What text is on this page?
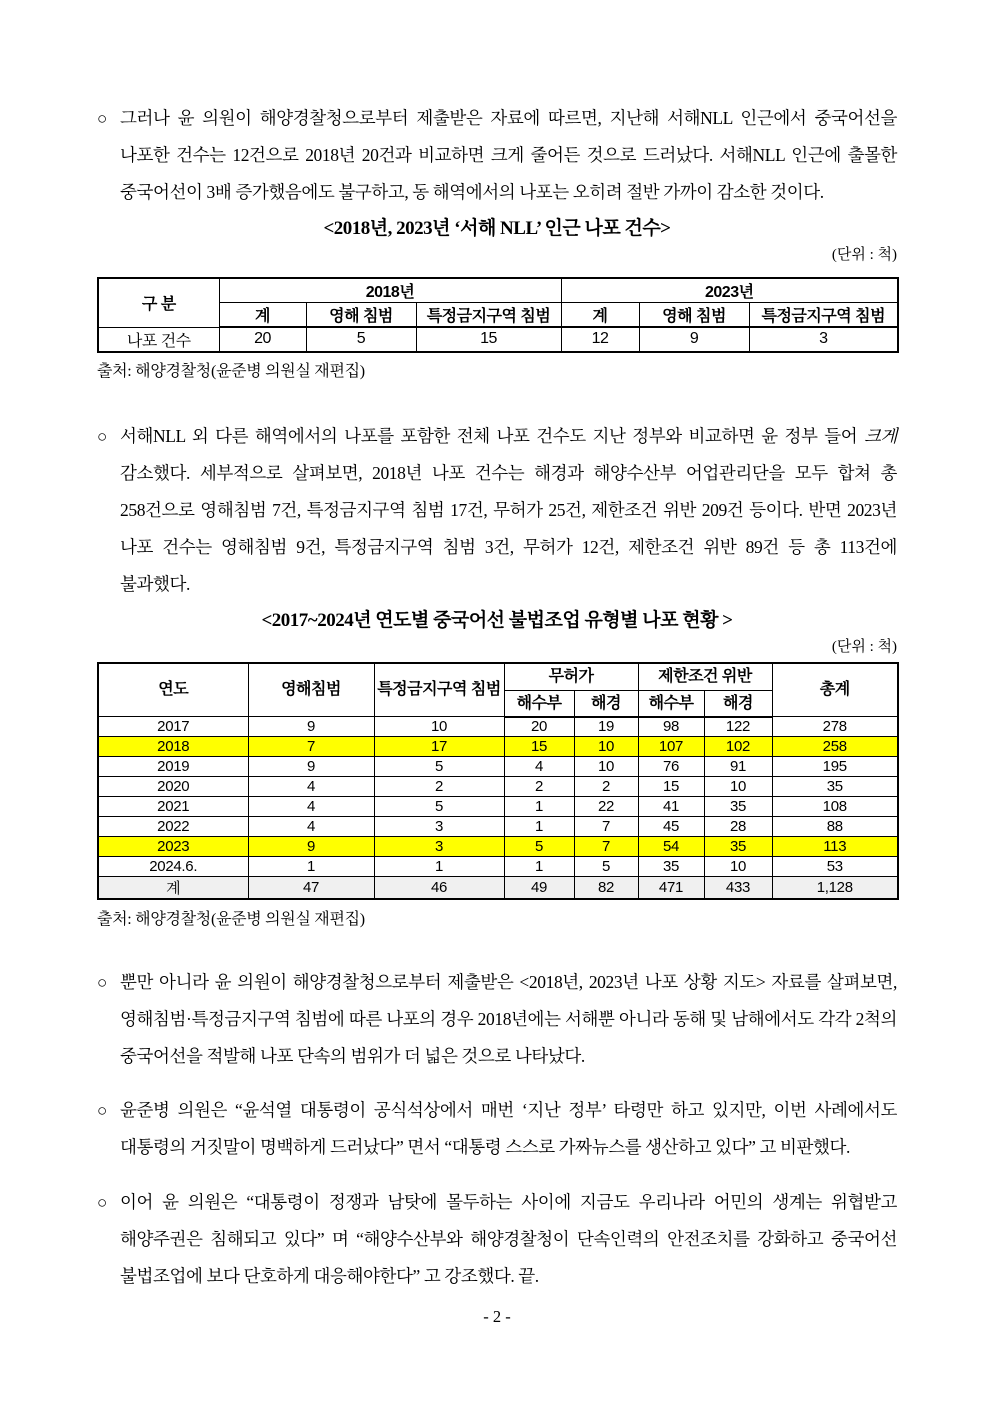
○ 그러나 윤 의원이 해양경찰청으로부터 제출받은 자료에 따르면, 지난해 서해NLL 인근에서 중국어선을 나포한 건수는 12건으로 2018년 20건과 비교하면 크게 줄어든 것으로 드러났다. 서해NLL 인근에 출몰한 중국어선이 3배 증가했음에도 불구하고, 동 해역에서의 나포는 오히려 절반 가까이 감소한 것이다.
<2018년, 2023년 ‘서해 NLL’ 인근 나포 건수>
(단위 : 척)
구 분	2018년			2023년		
	계	영해 침범	특정금지구역 침범	계	영해 침범	특정금지구역 침범
나포 건수	20	5	15	12	9	3
출처: 해양경찰청(윤준병 의원실 재편집)
○ 서해NLL 외 다른 해역에서의 나포를 포함한 전체 나포 건수도 지난 정부와 비교하면 윤 정부 들어 크게 감소했다. 세부적으로 살펴보면, 2018년 나포 건수는 해경과 해양수산부 어업관리단을 모두 합쳐 총 258건으로 영해침범 7건, 특정금지구역 침범 17건, 무허가 25건, 제한조건 위반 209건 등이다. 반면 2023년 나포 건수는 영해침범 9건, 특정금지구역 침범 3건, 무허가 12건, 제한조건 위반 89건 등 총 113건에 불과했다.
<2017~2024년 연도별 중국어선 불법조업 유형별 나포 현황 >
(단위 : 척)
연도	영해침범	특정금지구역 침범	무허가		제한조건 위반		총계
			해수부	해경	해수부	해경	
2017	9	10	20	19	98	122	278
2018	7	17	15	10	107	102	258
2019	9	5	4	10	76	91	195
2020	4	2	2	2	15	10	35
2021	4	5	1	22	41	35	108
2022	4	3	1	7	45	28	88
2023	9	3	5	7	54	35	113
2024.6.	1	1	1	5	35	10	53
계	47	46	49	82	471	433	1,128
출처: 해양경찰청(윤준병 의원실 재편집)
○ 뿐만 아니라 윤 의원이 해양경찰청으로부터 제출받은 <2018년, 2023년 나포 상황 지도> 자료를 살펴보면, 영해침범·특정금지구역 침범에 따른 나포의 경우 2018년에는 서해뿐 아니라 동해 및 남해에서도 각각 2척의 중국어선을 적발해 나포 단속의 범위가 더 넓은 것으로 나타났다.
○ 윤준병 의원은 “윤석열 대통령이 공식석상에서 매번 ‘지난 정부’ 타령만 하고 있지만, 이번 사례에서도 대통령의 거짓말이 명백하게 드러났다” 면서 “대통령 스스로 가짜뉴스를 생산하고 있다” 고 비판했다.
○ 이어 윤 의원은 “대통령이 정쟁과 남탓에 몰두하는 사이에 지금도 우리나라 어민의 생계는 위협받고 해양주권은 침해되고 있다” 며 “해양수산부와 해양경찰청이 단속인력의 안전조치를 강화하고 중국어선 불법조업에 보다 단호하게 대응해야한다” 고 강조했다. 끝.
- 2 -
